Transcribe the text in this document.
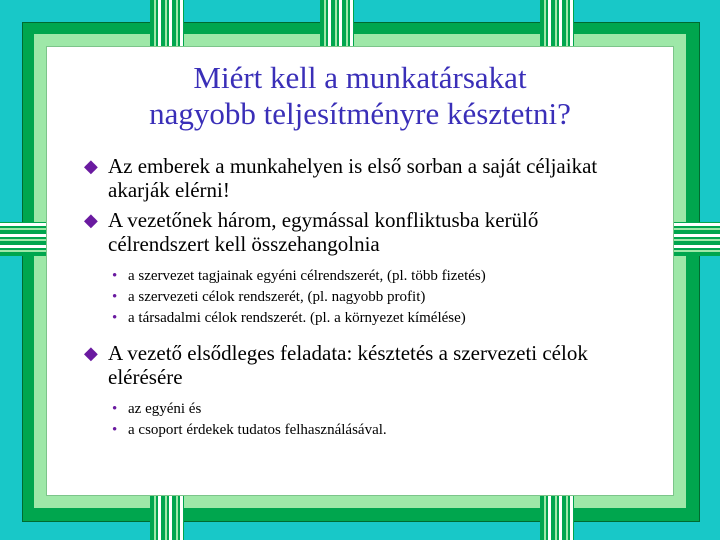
Miért kell a munkatársakat
nagyobb teljesítményre késztetni?
◆ Az emberek a munkahelyen is első sorban a saját céljaikat akarják elérni!
◆ A vezetőnek három, egymással konfliktusba kerülő célrendszert kell összehangolnia
• a szervezet tagjainak egyéni célrendszerét, (pl. több fizetés)
• a szervezeti célok rendszerét, (pl. nagyobb profit)
• a társadalmi célok rendszerét. (pl. a környezet kímélése)
◆ A vezető elsődleges feladata: késztetés a szervezeti célok elérésére
• az egyéni és
• a csoport érdekek tudatos felhasználásával.
